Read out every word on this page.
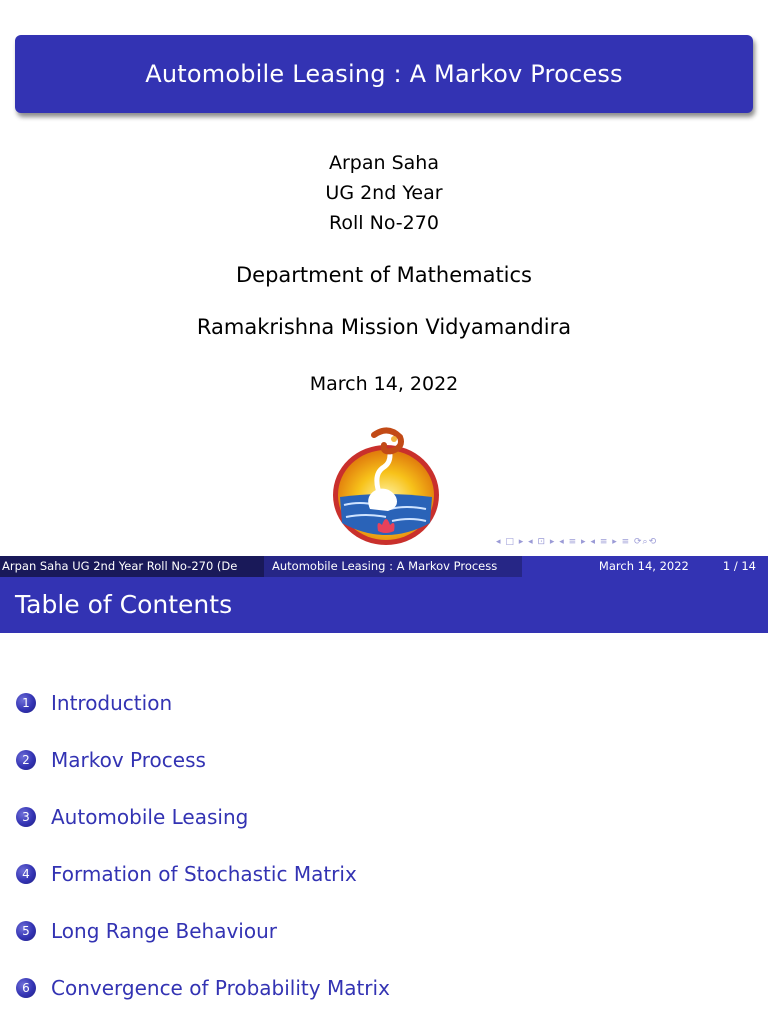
Automobile Leasing : A Markov Process
Arpan Saha
UG 2nd Year
Roll No-270
Department of Mathematics
Ramakrishna Mission Vidyamandira
March 14, 2022
◂ □ ▸ ◂ ⊡ ▸ ◂ ≡ ▸ ◂ ≡ ▸ ≡ ⟳⌕⟲
Arpan Saha UG 2nd Year Roll No-270 (De	Automobile Leasing : A Markov Process	March 14, 2022	1 / 14
Table of Contents
1	Introduction
2	Markov Process
3	Automobile Leasing
4	Formation of Stochastic Matrix
5	Long Range Behaviour
6	Convergence of Probability Matrix
